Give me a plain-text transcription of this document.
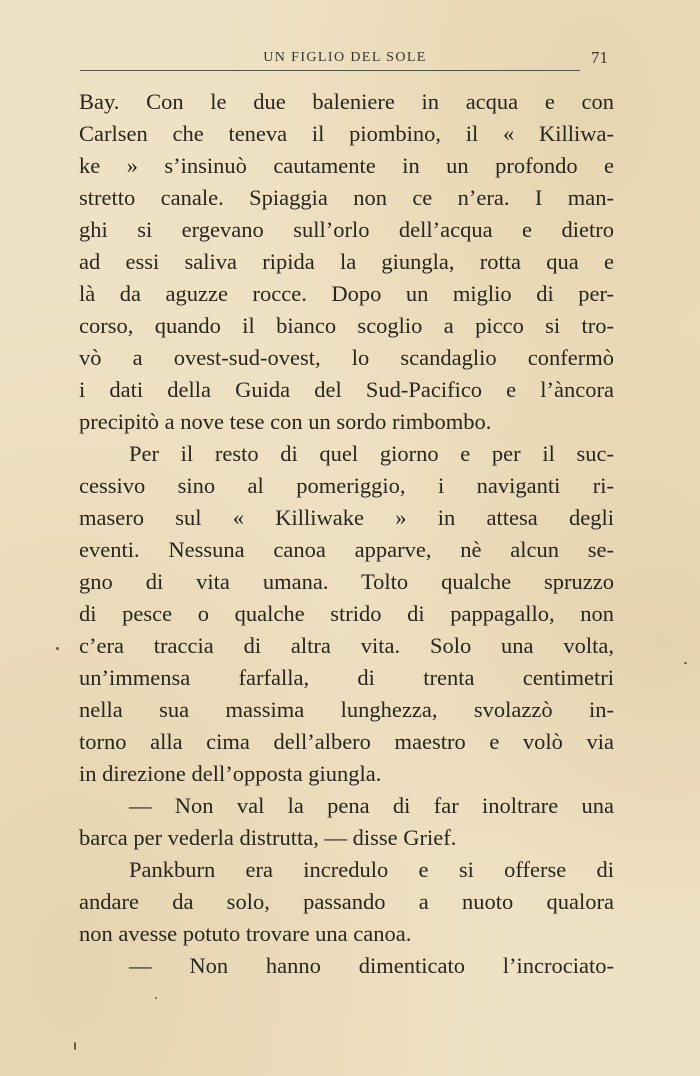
UN FIGLIO DEL SOLE	71
Bay. Con le due baleniere in acqua e con
Carlsen che teneva il piombino, il « Killiwa-
ke » s’insinuò cautamente in un profondo e
stretto canale. Spiaggia non ce n’era. I man-
ghi si ergevano sull’orlo dell’acqua e dietro
ad essi saliva ripida la giungla, rotta qua e
là da aguzze rocce. Dopo un miglio di per-
corso, quando il bianco scoglio a picco si tro-
vò a ovest-sud-ovest, lo scandaglio confermò
i dati della Guida del Sud-Pacifico e l’àncora
precipitò a nove tese con un sordo rimbombo.
Per il resto di quel giorno e per il suc-
cessivo sino al pomeriggio, i naviganti ri-
masero sul « Killiwake » in attesa degli
eventi. Nessuna canoa apparve, nè alcun se-
gno di vita umana. Tolto qualche spruzzo
di pesce o qualche strido di pappagallo, non
c’era traccia di altra vita. Solo una volta,
un’immensa farfalla, di trenta centimetri
nella sua massima lunghezza, svolazzò in-
torno alla cima dell’albero maestro e volò via
in direzione dell’opposta giungla.
— Non val la pena di far inoltrare una
barca per vederla distrutta, — disse Grief.
Pankburn era incredulo e si offerse di
andare da solo, passando a nuoto qualora
non avesse potuto trovare una canoa.
— Non hanno dimenticato l’incrociato-
